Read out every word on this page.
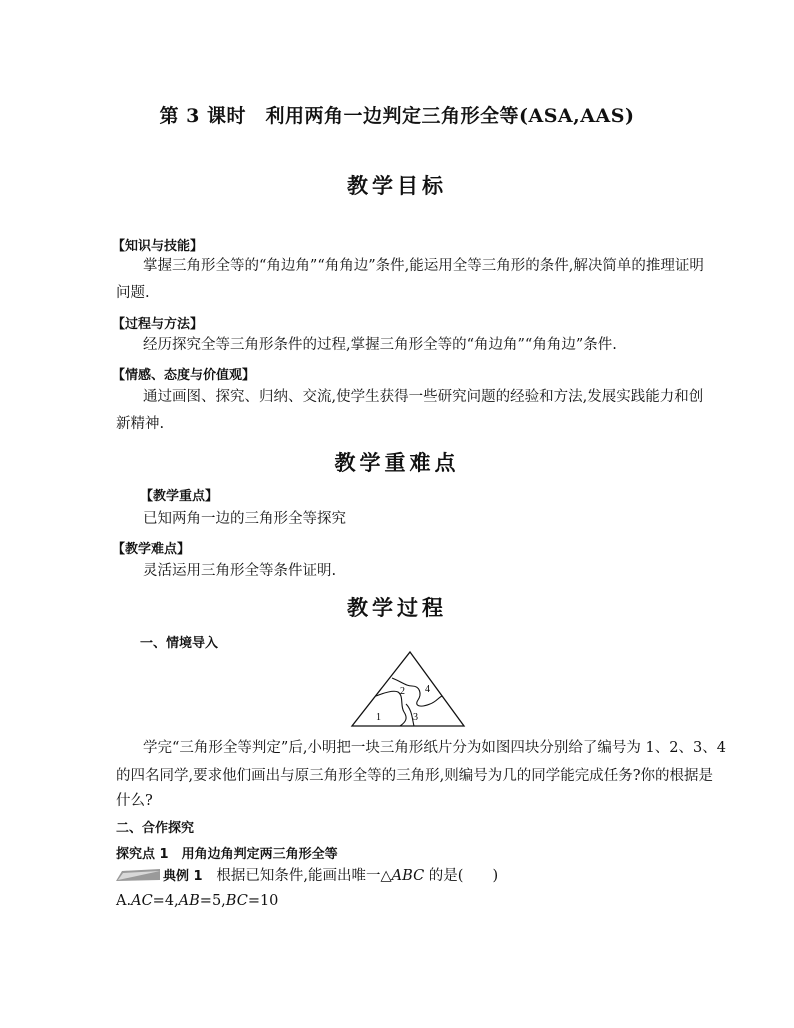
第 3 课时　利用两角一边判定三角形全等(ASA,AAS)
教学目标
【知识与技能】
掌握三角形全等的“角边角”“角角边”条件,能运用全等三角形的条件,解决简单的推理证明
问题.
【过程与方法】
经历探究全等三角形条件的过程,掌握三角形全等的“角边角”“角角边”条件.
【情感、态度与价值观】
通过画图、探究、归纳、交流,使学生获得一些研究问题的经验和方法,发展实践能力和创
新精神.
教学重难点
【教学重点】
已知两角一边的三角形全等探究
【教学难点】
灵活运用三角形全等条件证明.
教学过程
一、情境导入
1
2
3
4
学完“三角形全等判定”后,小明把一块三角形纸片分为如图四块分别给了编号为 1、2、3、4
的四名同学,要求他们画出与原三角形全等的三角形,则编号为几的同学能完成任务?你的根据是
什么?
二、合作探究
探究点 1　用角边角判定两三角形全等
典例 1 根据已知条件,能画出唯一△ABC 的是(　　)
A.AC=4,AB=5,BC=10
